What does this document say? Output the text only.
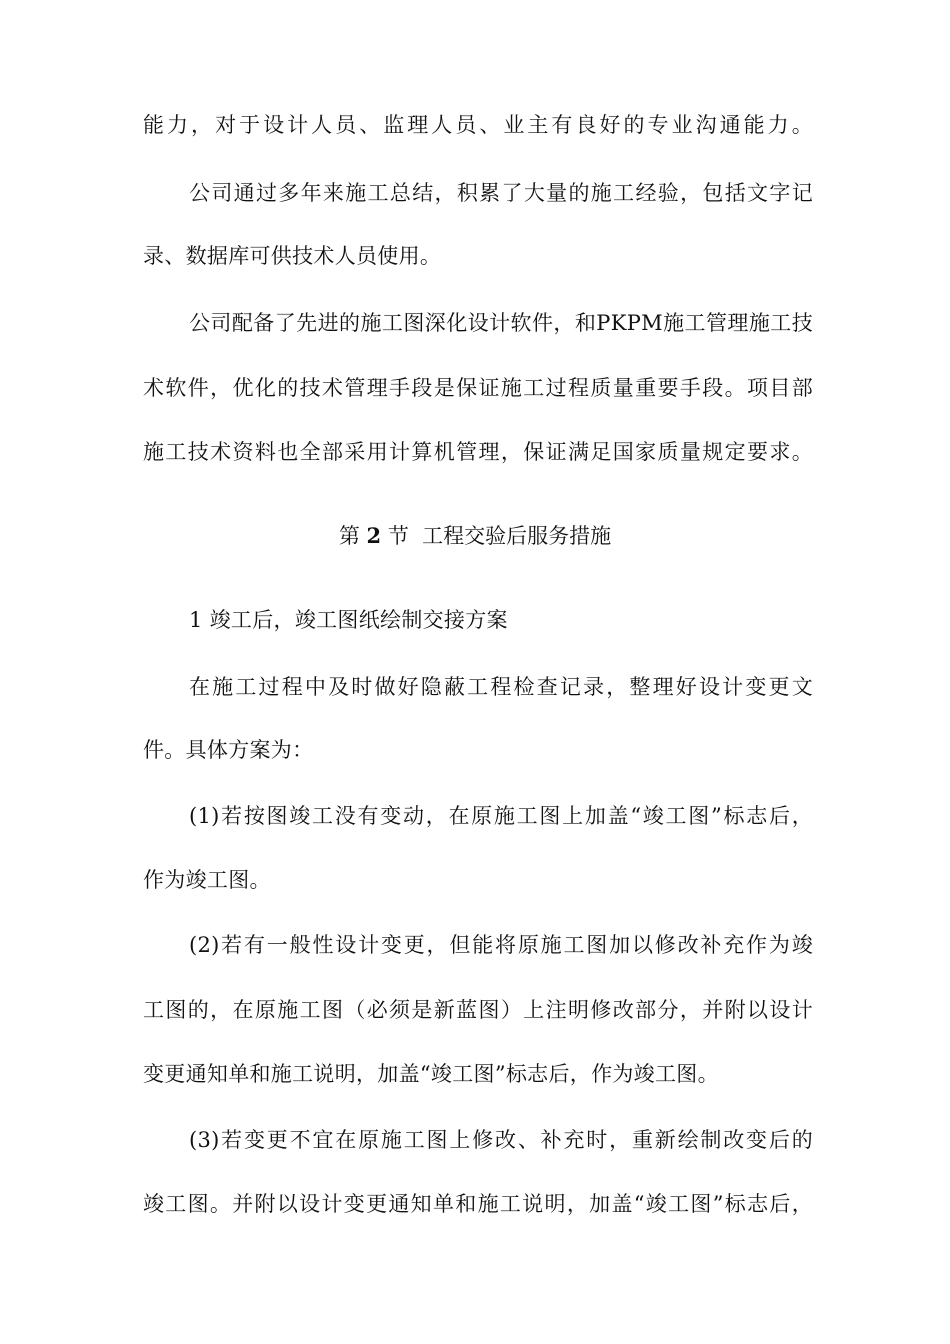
能力，对于设计人员、监理人员、业主有良好的专业沟通能力。
公司通过多年来施工总结，积累了大量的施工经验，包括文字记
录、数据库可供技术人员使用。
公司配备了先进的施工图深化设计软件，和PKPM施工管理施工技
术软件，优化的技术管理手段是保证施工过程质量重要手段。项目部
施工技术资料也全部采用计算机管理，保证满足国家质量规定要求。
第 2 节 工程交验后服务措施
1 竣工后，竣工图纸绘制交接方案
在施工过程中及时做好隐蔽工程检查记录，整理好设计变更文
件。具体方案为：
(1)若按图竣工没有变动，在原施工图上加盖“竣工图”标志后，
作为竣工图。
(2)若有一般性设计变更，但能将原施工图加以修改补充作为竣
工图的，在原施工图（必须是新蓝图）上注明修改部分，并附以设计
变更通知单和施工说明，加盖“竣工图”标志后，作为竣工图。
(3)若变更不宜在原施工图上修改、补充时，重新绘制改变后的
竣工图。并附以设计变更通知单和施工说明，加盖“竣工图”标志后，
